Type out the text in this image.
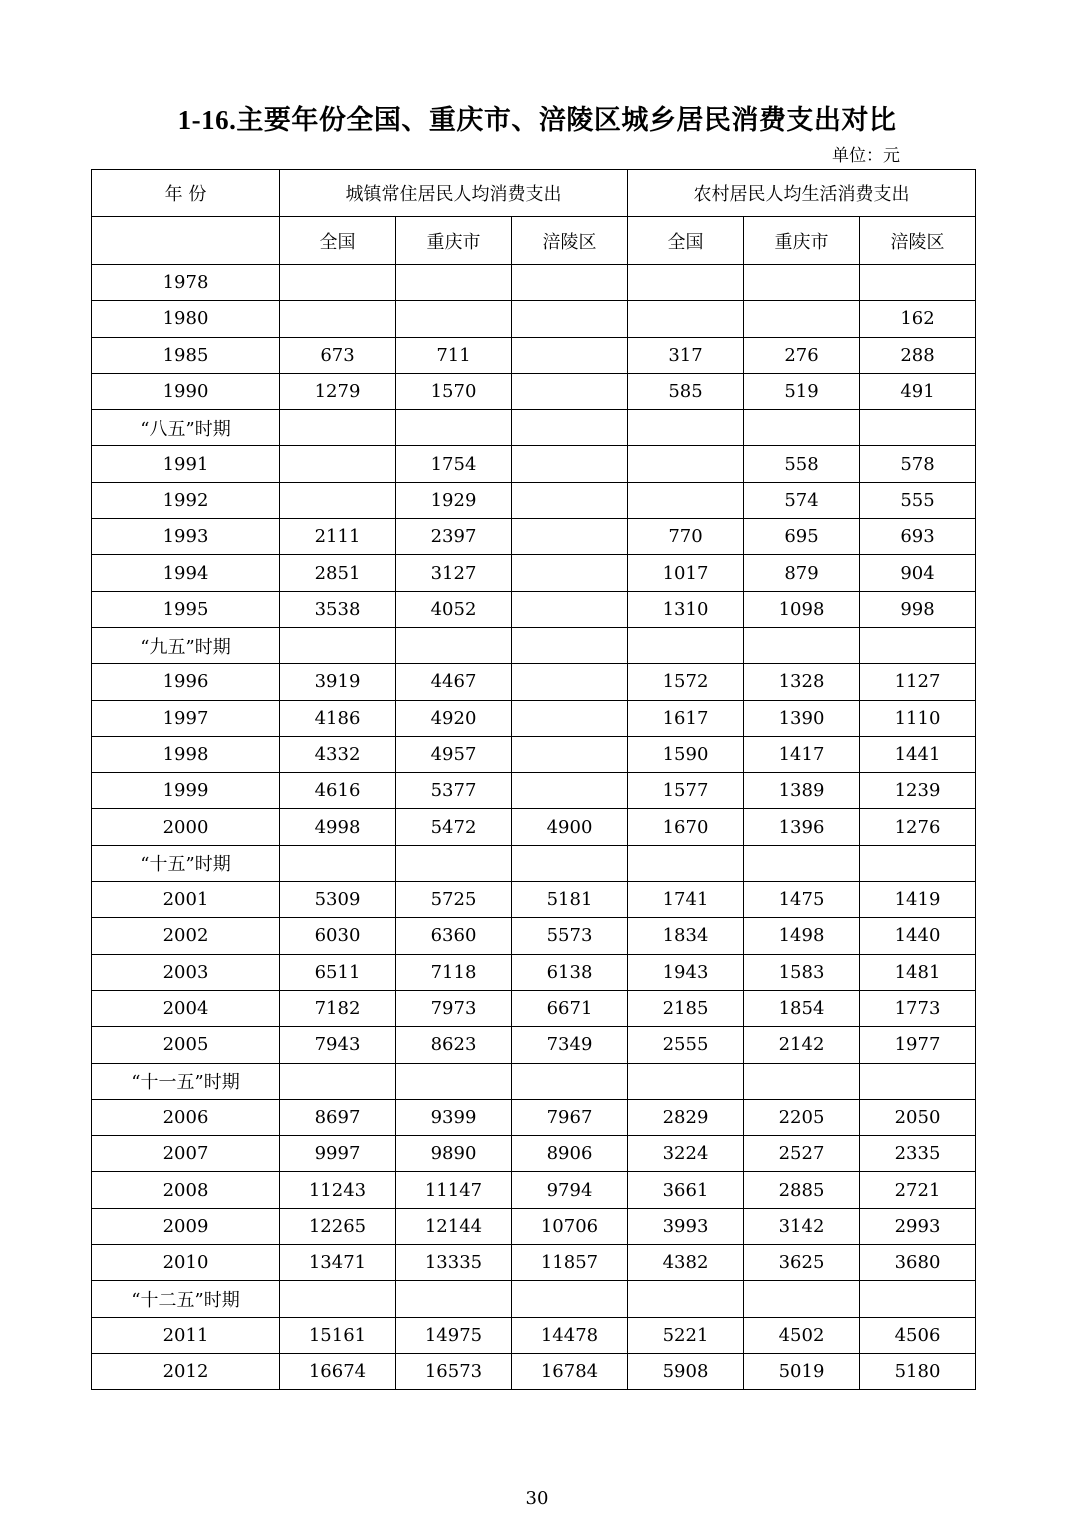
1-16.主要年份全国、重庆市、涪陵区城乡居民消费支出对比
单位：元
年 份	城镇常住居民人均消费支出			农村居民人均生活消费支出		
	全国	重庆市	涪陵区	全国	重庆市	涪陵区
1978						
1980						162
1985	673	711		317	276	288
1990	1279	1570		585	519	491
“八五”时期						
1991		1754			558	578
1992		1929			574	555
1993	2111	2397		770	695	693
1994	2851	3127		1017	879	904
1995	3538	4052		1310	1098	998
“九五”时期						
1996	3919	4467		1572	1328	1127
1997	4186	4920		1617	1390	1110
1998	4332	4957		1590	1417	1441
1999	4616	5377		1577	1389	1239
2000	4998	5472	4900	1670	1396	1276
“十五”时期						
2001	5309	5725	5181	1741	1475	1419
2002	6030	6360	5573	1834	1498	1440
2003	6511	7118	6138	1943	1583	1481
2004	7182	7973	6671	2185	1854	1773
2005	7943	8623	7349	2555	2142	1977
“十一五”时期						
2006	8697	9399	7967	2829	2205	2050
2007	9997	9890	8906	3224	2527	2335
2008	11243	11147	9794	3661	2885	2721
2009	12265	12144	10706	3993	3142	2993
2010	13471	13335	11857	4382	3625	3680
“十二五”时期						
2011	15161	14975	14478	5221	4502	4506
2012	16674	16573	16784	5908	5019	5180
30
